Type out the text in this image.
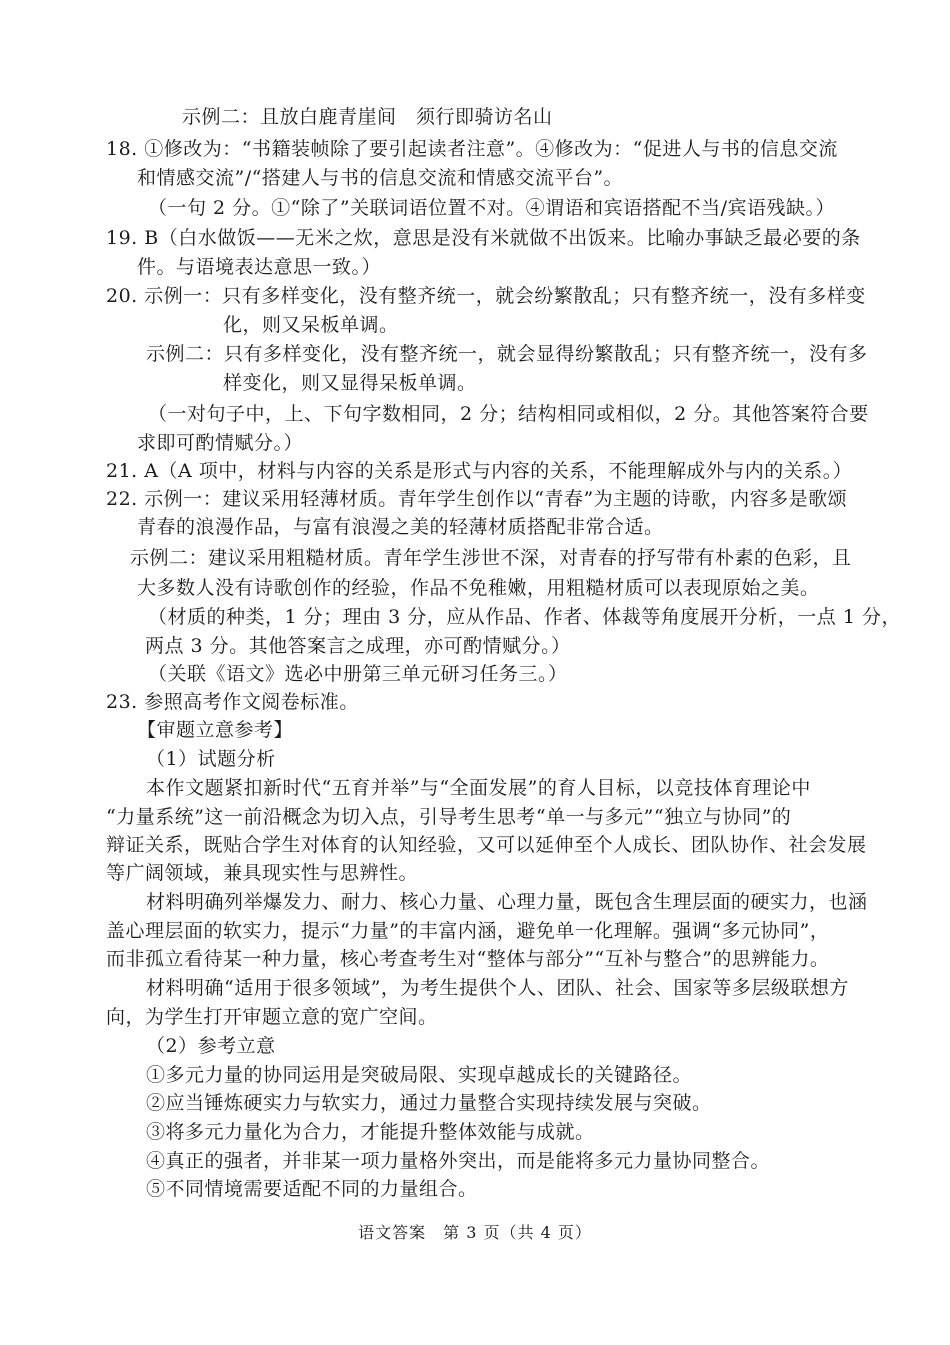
示例二：且放白鹿青崖间　须行即骑访名山
18. ①修改为：“书籍装帧除了要引起读者注意”。④修改为：“促进人与书的信息交流
和情感交流”/“搭建人与书的信息交流和情感交流平台”。
（一句 2 分。①“除了”关联词语位置不对。④谓语和宾语搭配不当/宾语残缺。）
19. B（白水做饭——无米之炊，意思是没有米就做不出饭来。比喻办事缺乏最必要的条
件。与语境表达意思一致。）
20. 示例一：只有多样变化，没有整齐统一，就会纷繁散乱；只有整齐统一，没有多样变
化，则又呆板单调。
示例二：只有多样变化，没有整齐统一，就会显得纷繁散乱；只有整齐统一，没有多
样变化，则又显得呆板单调。
（一对句子中，上、下句字数相同，2 分；结构相同或相似，2 分。其他答案符合要
求即可酌情赋分。）
21. A（A 项中，材料与内容的关系是形式与内容的关系，不能理解成外与内的关系。）
22. 示例一：建议采用轻薄材质。青年学生创作以“青春”为主题的诗歌，内容多是歌颂
青春的浪漫作品，与富有浪漫之美的轻薄材质搭配非常合适。
示例二：建议采用粗糙材质。青年学生涉世不深，对青春的抒写带有朴素的色彩，且
大多数人没有诗歌创作的经验，作品不免稚嫩，用粗糙材质可以表现原始之美。
（材质的种类，1 分；理由 3 分，应从作品、作者、体裁等角度展开分析，一点 1 分，
两点 3 分。其他答案言之成理，亦可酌情赋分。）
（关联《语文》选必中册第三单元研习任务三。）
23. 参照高考作文阅卷标准。
【审题立意参考】
（1）试题分析
本作文题紧扣新时代“五育并举”与“全面发展”的育人目标，以竞技体育理论中
“力量系统”这一前沿概念为切入点，引导考生思考“单一与多元”“独立与协同”的
辩证关系，既贴合学生对体育的认知经验，又可以延伸至个人成长、团队协作、社会发展
等广阔领域，兼具现实性与思辨性。
材料明确列举爆发力、耐力、核心力量、心理力量，既包含生理层面的硬实力，也涵
盖心理层面的软实力，提示“力量”的丰富内涵，避免单一化理解。强调“多元协同”，
而非孤立看待某一种力量，核心考查考生对“整体与部分”“互补与整合”的思辨能力。
材料明确“适用于很多领域”，为考生提供个人、团队、社会、国家等多层级联想方
向，为学生打开审题立意的宽广空间。
（2）参考立意
①多元力量的协同运用是突破局限、实现卓越成长的关键路径。
②应当锤炼硬实力与软实力，通过力量整合实现持续发展与突破。
③将多元力量化为合力，才能提升整体效能与成就。
④真正的强者，并非某一项力量格外突出，而是能将多元力量协同整合。
⑤不同情境需要适配不同的力量组合。
语文答案　第 3 页（共 4 页）
